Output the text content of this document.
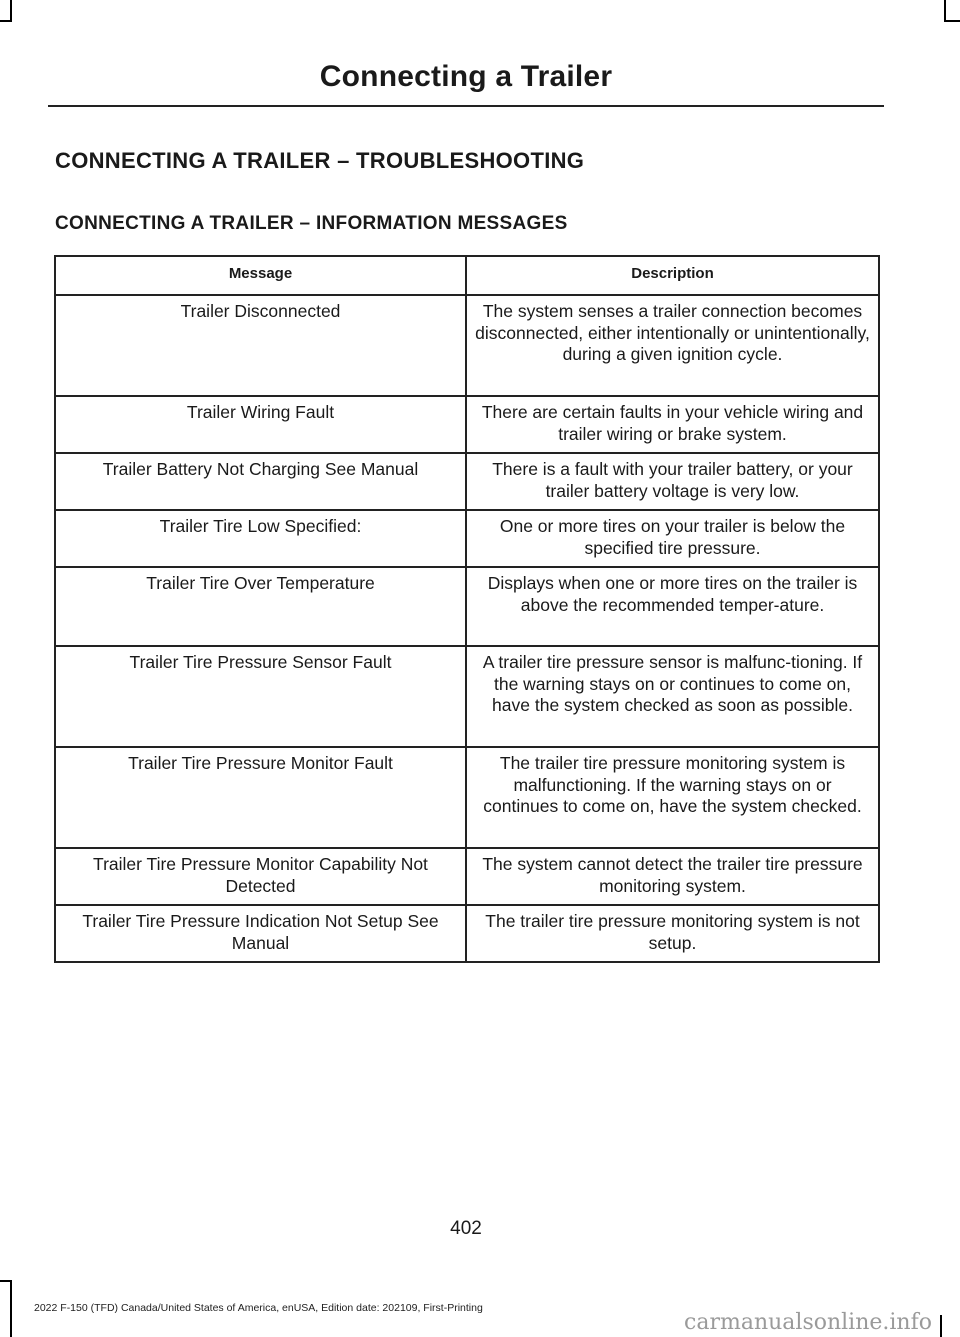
Connecting a Trailer
CONNECTING A TRAILER – TROUBLESHOOTING
CONNECTING A TRAILER – INFORMATION MESSAGES
Message	Description
Trailer Disconnected	The system senses a trailer connection becomes disconnected, either intentionally or unintentionally, during a given ignition cycle.
Trailer Wiring Fault	There are certain faults in your vehicle wiring and trailer wiring or brake system.
Trailer Battery Not Charging See Manual	There is a fault with your trailer battery, or your trailer battery voltage is very low.
Trailer Tire Low Specified:	One or more tires on your trailer is below the specified tire pressure.
Trailer Tire Over Temperature	Displays when one or more tires on the trailer is above the recommended temper-ature.
Trailer Tire Pressure Sensor Fault	A trailer tire pressure sensor is malfunc-tioning. If the warning stays on or continues to come on, have the system checked as soon as possible.
Trailer Tire Pressure Monitor Fault	The trailer tire pressure monitoring system is malfunctioning. If the warning stays on or continues to come on, have the system checked.
Trailer Tire Pressure Monitor Capability Not Detected	The system cannot detect the trailer tire pressure monitoring system.
Trailer Tire Pressure Indication Not Setup See Manual	The trailer tire pressure monitoring system is not setup.
402
2022 F-150 (TFD) Canada/United States of America, enUSA, Edition date: 202109, First-Printing
carmanualsonline.info
